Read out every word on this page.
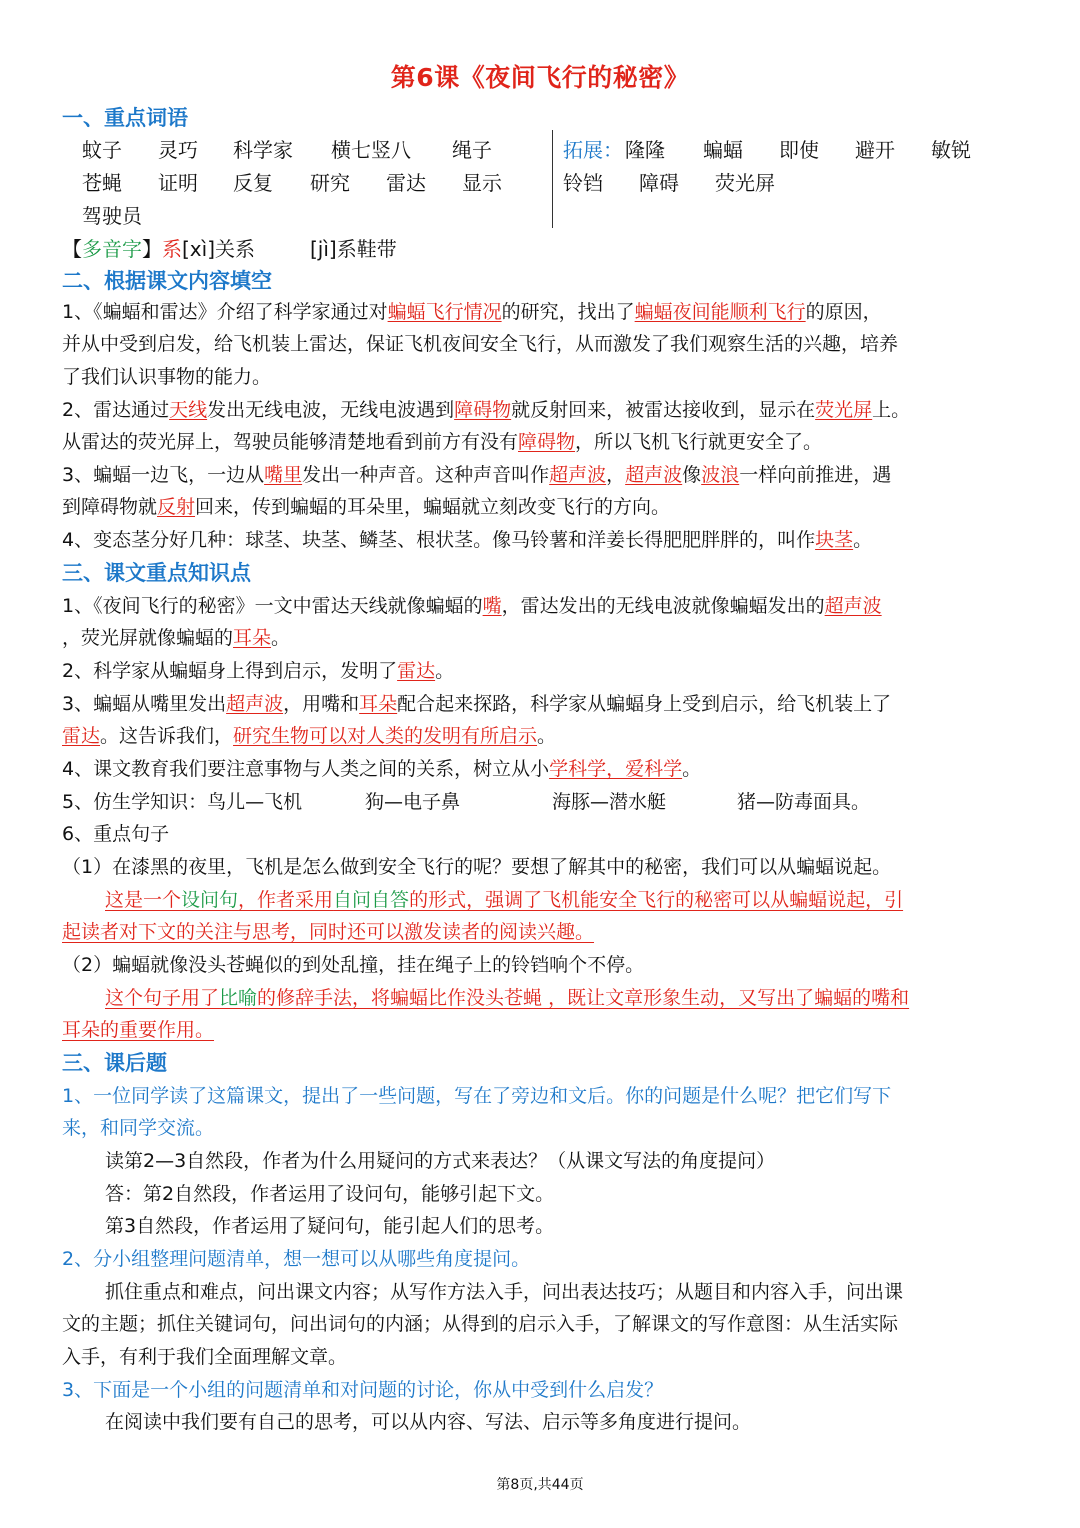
第6课《夜间飞行的秘密》
一、重点词语
蚊子 灵巧 科学家 横七竖八 绳子
苍蝇 证明 反复 研究 雷达 显示
驾驶员
拓展： 隆隆 蝙蝠 即使 避开 敏锐
铃铛 障碍 荧光屏
【多音字】系[xì]关系	[jì]系鞋带
二、根据课文内容填空
1、《蝙蝠和雷达》介绍了科学家通过对蝙蝠飞行情况的研究，找出了蝙蝠夜间能顺利飞行的原因，
并从中受到启发，给飞机装上雷达，保证飞机夜间安全飞行，从而激发了我们观察生活的兴趣，培养
了我们认识事物的能力。
2、雷达通过天线发出无线电波，无线电波遇到障碍物就反射回来，被雷达接收到，显示在荧光屏上。
从雷达的荧光屏上，驾驶员能够清楚地看到前方有没有障碍物，所以飞机飞行就更安全了。
3、蝙蝠一边飞，一边从嘴里发出一种声音。这种声音叫作超声波，超声波像波浪一样向前推进，遇
到障碍物就反射回来，传到蝙蝠的耳朵里，蝙蝠就立刻改变飞行的方向。
4、变态茎分好几种：球茎、块茎、鳞茎、根状茎。像马铃薯和洋姜长得肥肥胖胖的，叫作块茎。
三、课文重点知识点
1、《夜间飞行的秘密》一文中雷达天线就像蝙蝠的嘴，雷达发出的无线电波就像蝙蝠发出的超声波
，荧光屏就像蝙蝠的耳朵。
2、科学家从蝙蝠身上得到启示，发明了雷达。
3、蝙蝠从嘴里发出超声波，用嘴和耳朵配合起来探路，科学家从蝙蝠身上受到启示，给飞机装上了
雷达。这告诉我们，研究生物可以对人类的发明有所启示。
4、课文教育我们要注意事物与人类之间的关系，树立从小学科学，爱科学。
5、仿生学知识：鸟儿—飞机	狗—电子鼻	海豚—潜水艇	猪—防毒面具。
6、重点句子
（1）在漆黑的夜里，飞机是怎么做到安全飞行的呢？要想了解其中的秘密，我们可以从蝙蝠说起。
这是一个设问句，作者采用自问自答的形式，强调了飞机能安全飞行的秘密可以从蝙蝠说起，引
起读者对下文的关注与思考，同时还可以激发读者的阅读兴趣。
（2）蝙蝠就像没头苍蝇似的到处乱撞，挂在绳子上的铃铛响个不停。
这个句子用了比喻的修辞手法，将蝙蝠比作没头苍蝇 ，既让文章形象生动，又写出了蝙蝠的嘴和
耳朵的重要作用。
三、课后题
1、一位同学读了这篇课文，提出了一些问题，写在了旁边和文后。你的问题是什么呢？把它们写下
来，和同学交流。
读第2—3自然段，作者为什么用疑问的方式来表达？（从课文写法的角度提问）
答：第2自然段，作者运用了设问句，能够引起下文。
第3自然段，作者运用了疑问句，能引起人们的思考。
2、分小组整理问题清单，想一想可以从哪些角度提问。
抓住重点和难点，问出课文内容；从写作方法入手，问出表达技巧；从题目和内容入手，问出课
文的主题；抓住关键词句，问出词句的内涵；从得到的启示入手，了解课文的写作意图：从生活实际
入手，有利于我们全面理解文章。
3、下面是一个小组的问题清单和对问题的讨论，你从中受到什么启发？
在阅读中我们要有自己的思考，可以从内容、写法、启示等多角度进行提问。
第8页,共44页
